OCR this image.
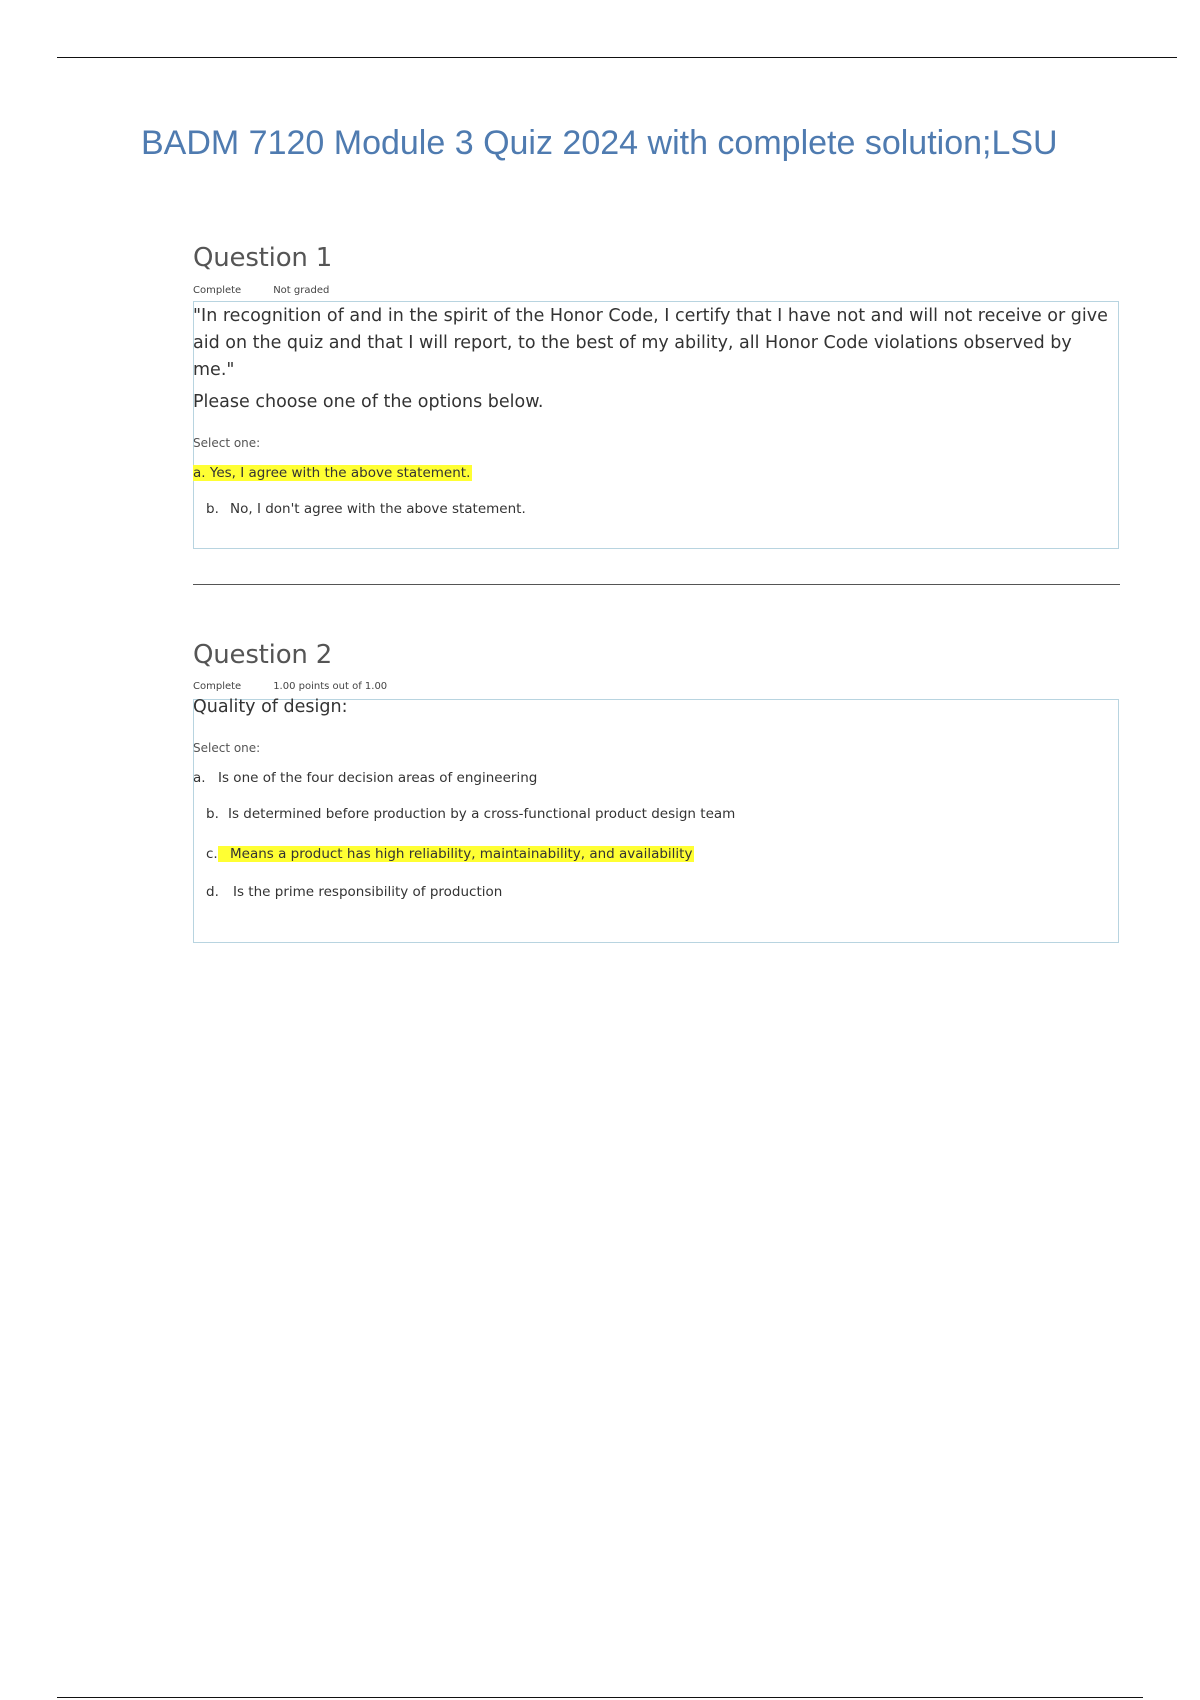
BADM 7120 Module 3 Quiz 2024 with complete solution;LSU
Question 1
Complete	Not graded
"In recognition of and in the spirit of the Honor Code, I certify that I have not and will not receive or give aid on the quiz and that I will report, to the best of my ability, all Honor Code violations observed by me."
Please choose one of the options below.
Select one:
a. Yes, I agree with the above statement.
b. No, I don't agree with the above statement.
Question 2
Complete	1.00 points out of 1.00
Quality of design:
Select one:
a. Is one of the four decision areas of engineering
b. Is determined before production by a cross-functional product design team
c. Means a product has high reliability, maintainability, and availability
d. Is the prime responsibility of production
